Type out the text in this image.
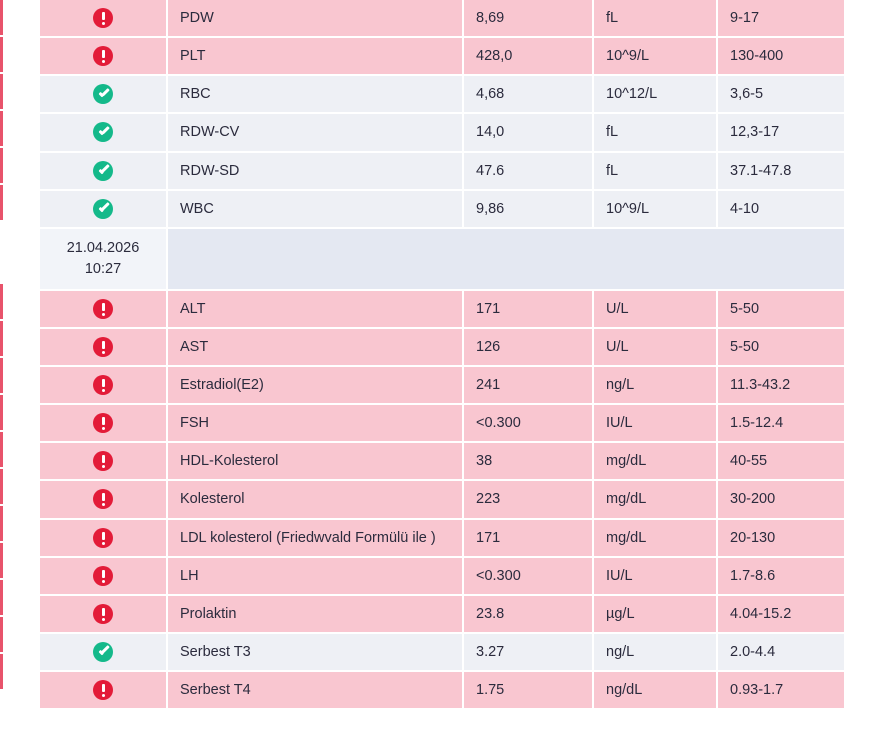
	PDW	8,69	fL	9-17

	PLT	428,0	10^9/L	130-400

	RBC	4,68	10^12/L	3,6-5

	RDW-CV	14,0	fL	12,3-17

	RDW-SD	47.6	fL	37.1-47.8

	WBC	9,86	10^9/L	4-10

21.04.2026
10:27				

	ALT	171	U/L	5-50

	AST	126	U/L	5-50

	Estradiol(E2)	241	ng/L	11.3-43.2

	FSH	<0.300	IU/L	1.5-12.4

	HDL-Kolesterol	38	mg/dL	40-55

	Kolesterol	223	mg/dL	30-200

	LDL kolesterol (Friedwvald Formülü ile )	171	mg/dL	20-130

	LH	<0.300	IU/L	1.7-8.6

	Prolaktin	23.8	µg/L	4.04-15.2

	Serbest T3	3.27	ng/L	2.0-4.4

	Serbest T4	1.75	ng/dL	0.93-1.7
